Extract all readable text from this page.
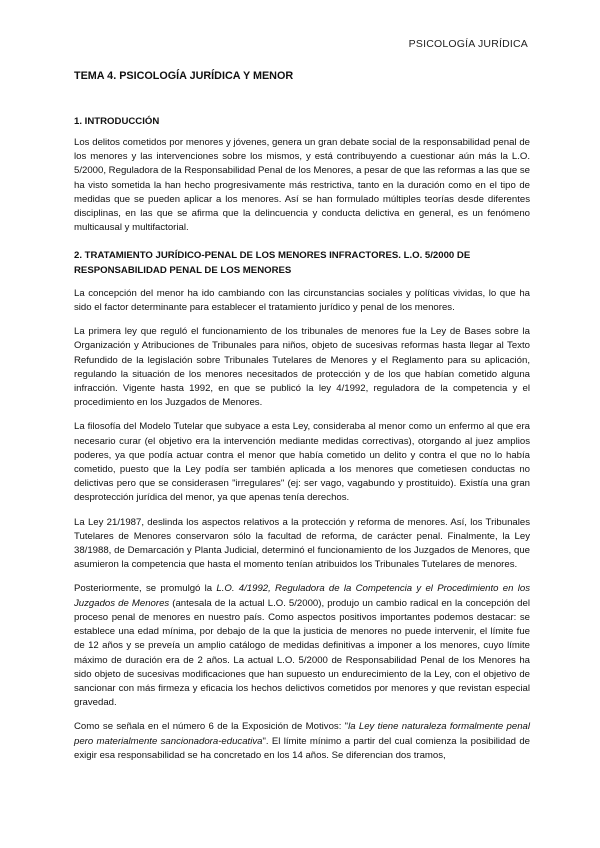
PSICOLOGÍA JURÍDICA
TEMA 4. PSICOLOGÍA JURÍDICA Y MENOR
1. INTRODUCCIÓN

Los delitos cometidos por menores y jóvenes, genera un gran debate social de la responsabilidad penal de los menores y las intervenciones sobre los mismos, y está contribuyendo a cuestionar aún más la L.O. 5/2000, Reguladora de la Responsabilidad Penal de los Menores, a pesar de que las reformas a las que se ha visto sometida la han hecho progresivamente más restrictiva, tanto en la duración como en el tipo de medidas que se pueden aplicar a los menores. Así se han formulado múltiples teorías desde diferentes disciplinas, en las que se afirma que la delincuencia y conducta delictiva en general, es un fenómeno multicausal y multifactorial.

2. TRATAMIENTO JURÍDICO-PENAL DE LOS MENORES INFRACTORES. L.O. 5/2000 DE RESPONSABILIDAD PENAL DE LOS MENORES

La concepción del menor ha ido cambiando con las circunstancias sociales y políticas vividas, lo que ha sido el factor determinante para establecer el tratamiento jurídico y penal de los menores.

La primera ley que reguló el funcionamiento de los tribunales de menores fue la Ley de Bases sobre la Organización y Atribuciones de Tribunales para niños, objeto de sucesivas reformas hasta llegar al Texto Refundido de la legislación sobre Tribunales Tutelares de Menores y el Reglamento para su aplicación, regulando la situación de los menores necesitados de protección y de los que habían cometido alguna infracción. Vigente hasta 1992, en que se publicó la ley 4/1992, reguladora de la competencia y el procedimiento en los Juzgados de Menores.

La filosofía del Modelo Tutelar que subyace a esta Ley, consideraba al menor como un enfermo al que era necesario curar (el objetivo era la intervención mediante medidas correctivas), otorgando al juez amplios poderes, ya que podía actuar contra el menor que había cometido un delito y contra el que no lo había cometido, puesto que la Ley podía ser también aplicada a los menores que cometiesen conductas no delictivas pero que se considerasen "irregulares" (ej: ser vago, vagabundo y prostituido). Existía una gran desprotección jurídica del menor, ya que apenas tenía derechos.

La Ley 21/1987, deslinda los aspectos relativos a la protección y reforma de menores. Así, los Tribunales Tutelares de Menores conservaron sólo la facultad de reforma, de carácter penal. Finalmente, la Ley 38/1988, de Demarcación y Planta Judicial, determinó el funcionamiento de los Juzgados de Menores, que asumieron la competencia que hasta el momento tenían atribuidos los Tribunales Tutelares de menores.

Posteriormente, se promulgó la L.O. 4/1992, Reguladora de la Competencia y el Procedimiento en los Juzgados de Menores (antesala de la actual L.O. 5/2000), produjo un cambio radical en la concepción del proceso penal de menores en nuestro país. Como aspectos positivos importantes podemos destacar: se establece una edad mínima, por debajo de la que la justicia de menores no puede intervenir, el límite fue de 12 años y se preveía un amplio catálogo de medidas definitivas a imponer a los menores, cuyo límite máximo de duración era de 2 años. La actual L.O. 5/2000 de Responsabilidad Penal de los Menores ha sido objeto de sucesivas modificaciones que han supuesto un endurecimiento de la Ley, con el objetivo de sancionar con más firmeza y eficacia los hechos delictivos cometidos por menores y que revistan especial gravedad.

Como se señala en el número 6 de la Exposición de Motivos: "la Ley tiene naturaleza formalmente penal pero materialmente sancionadora-educativa". El límite mínimo a partir del cual comienza la posibilidad de exigir esa responsabilidad se ha concretado en los 14 años. Se diferencian dos tramos,
